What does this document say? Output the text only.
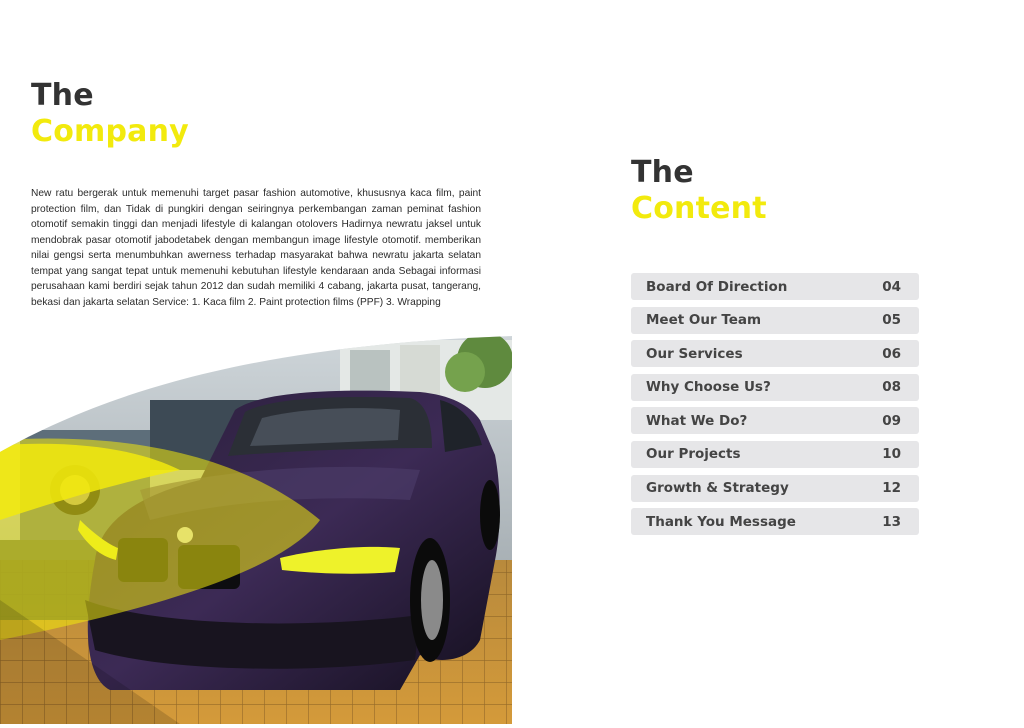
The
Company

New ratu bergerak untuk memenuhi target pasar fashion automotive, khususnya kaca film, paint protection film, dan Tidak di pungkiri dengan seiringnya perkembangan zaman peminat fashion otomotif semakin tinggi dan menjadi lifestyle di kalangan otolovers Hadirnya newratu jaksel untuk mendobrak pasar otomotif jabodetabek dengan membangun image lifestyle otomotif. memberikan nilai gengsi serta menumbuhkan awerness terhadap masyarakat bahwa newratu jakarta selatan tempat yang sangat tepat untuk memenuhi kebutuhan lifestyle kendaraan anda Sebagai informasi perusahaan kami berdiri sejak tahun 2012 dan sudah memiliki 4 cabang, jakarta pusat, tangerang, bekasi dan jakarta selatan Service: 1. Kaca film 2. Paint protection films (PPF) 3. Wrapping

The
Content
Board Of Direction	04
Meet Our Team	05
Our Services	06
Why Choose Us?	08
What We Do?	09
Our Projects	10
Growth & Strategy	12
Thank You Message	13
